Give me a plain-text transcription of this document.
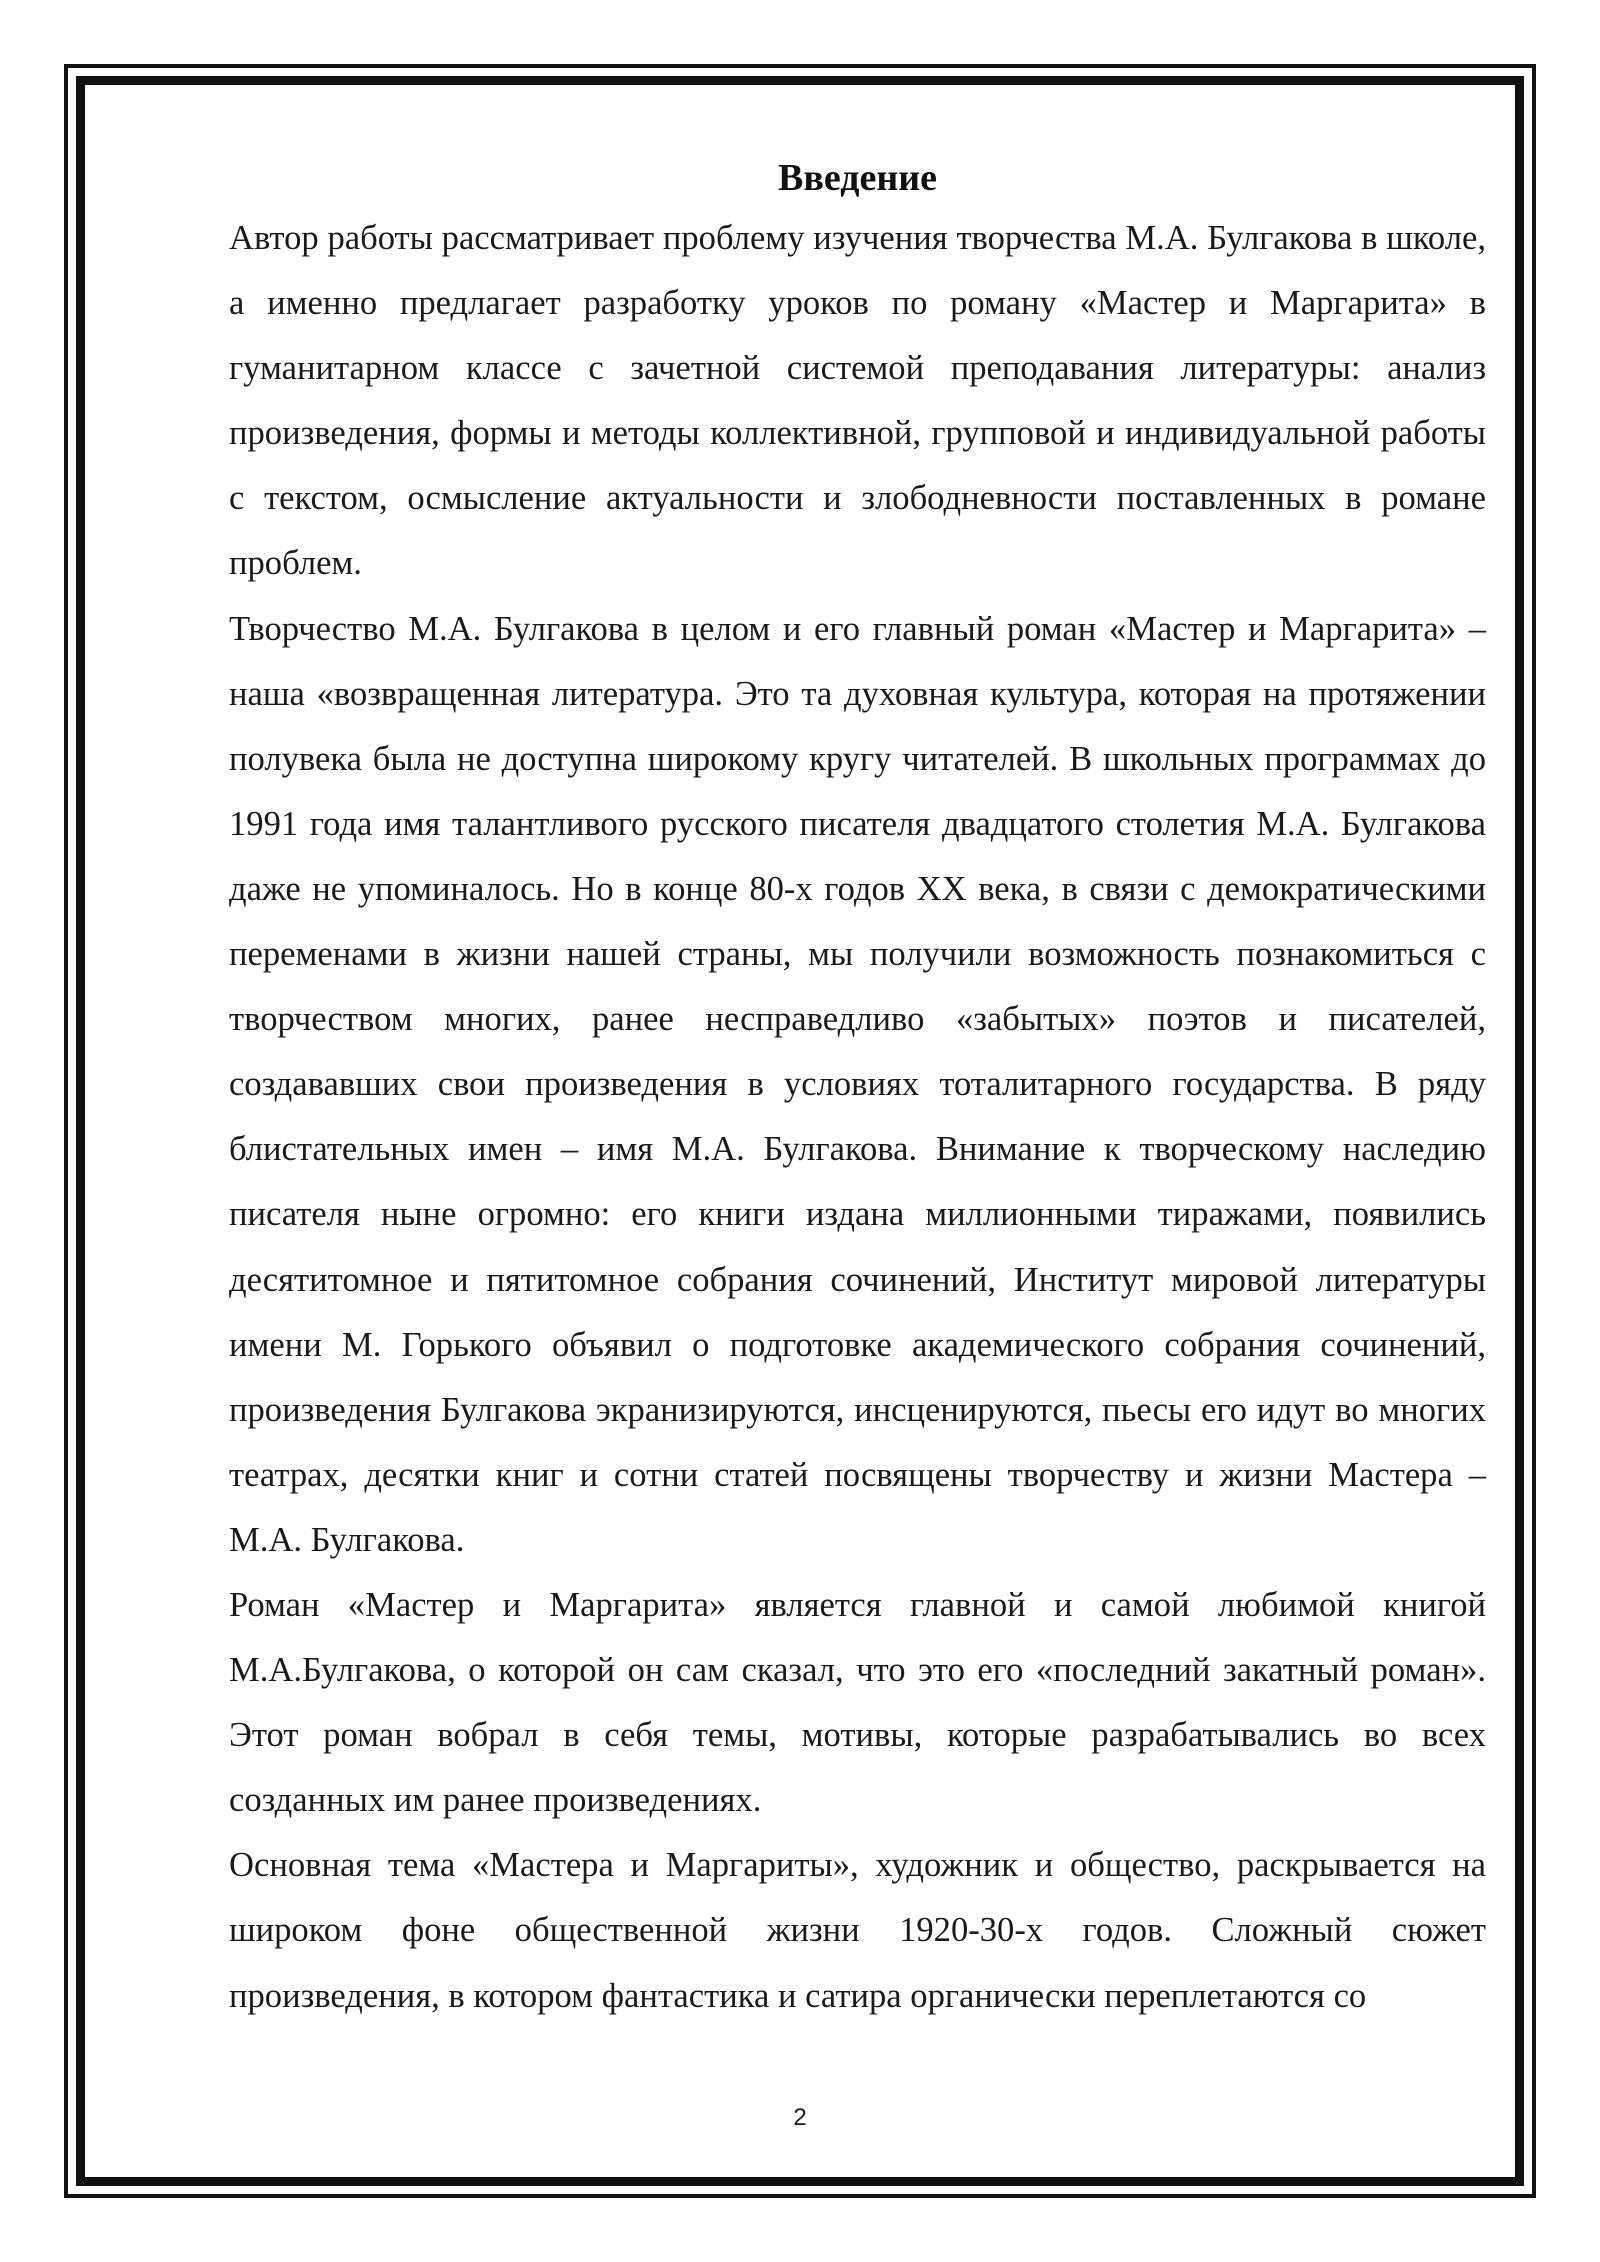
Введение

Автор работы рассматривает проблему изучения творчества М.А. Булгакова в школе, а именно предлагает разработку уроков по роману «Мастер и Маргарита» в гуманитарном классе с зачетной системой преподавания литературы: анализ произведения, формы и методы коллективной, групповой и индивидуальной работы с текстом, осмысление актуальности и злободневности поставленных в романе проблем.

Творчество М.А. Булгакова в целом и его главный роман «Мастер и Маргарита» – наша «возвращенная литература. Это та духовная культура, которая на протяжении полувека была не доступна широкому кругу читателей. В школьных программах до 1991 года имя талантливого русского писателя двадцатого столетия М.А. Булгакова даже не упоминалось. Но в конце 80-х годов XX века, в связи с демократическими переменами в жизни нашей страны, мы получили возможность познакомиться с творчеством многих, ранее несправедливо «забытых» поэтов и писателей, создававших свои произведения в условиях тоталитарного государства. В ряду блистательных имен – имя М.А. Булгакова. Внимание к творческому наследию писателя ныне огромно: его книги издана миллионными тиражами, появились десятитомное и пятитомное собрания сочинений, Институт мировой литературы имени М. Горького объявил о подготовке академического собрания сочинений, произведения Булгакова экранизируются, инсценируются, пьесы его идут во многих театрах, десятки книг и сотни статей посвящены творчеству и жизни Мастера – М.А. Булгакова.

Роман «Мастер и Маргарита» является главной и самой любимой книгой М.А.Булгакова, о которой он сам сказал, что это его «последний закатный роман». Этот роман вобрал в себя темы, мотивы, которые разрабатывались во всех созданных им ранее произведениях.

Основная тема «Мастера и Маргариты», художник и общество, раскрывается на широком фоне общественной жизни 1920-30-х годов. Сложный сюжет произведения, в котором фантастика и сатира органически переплетаются со

2
